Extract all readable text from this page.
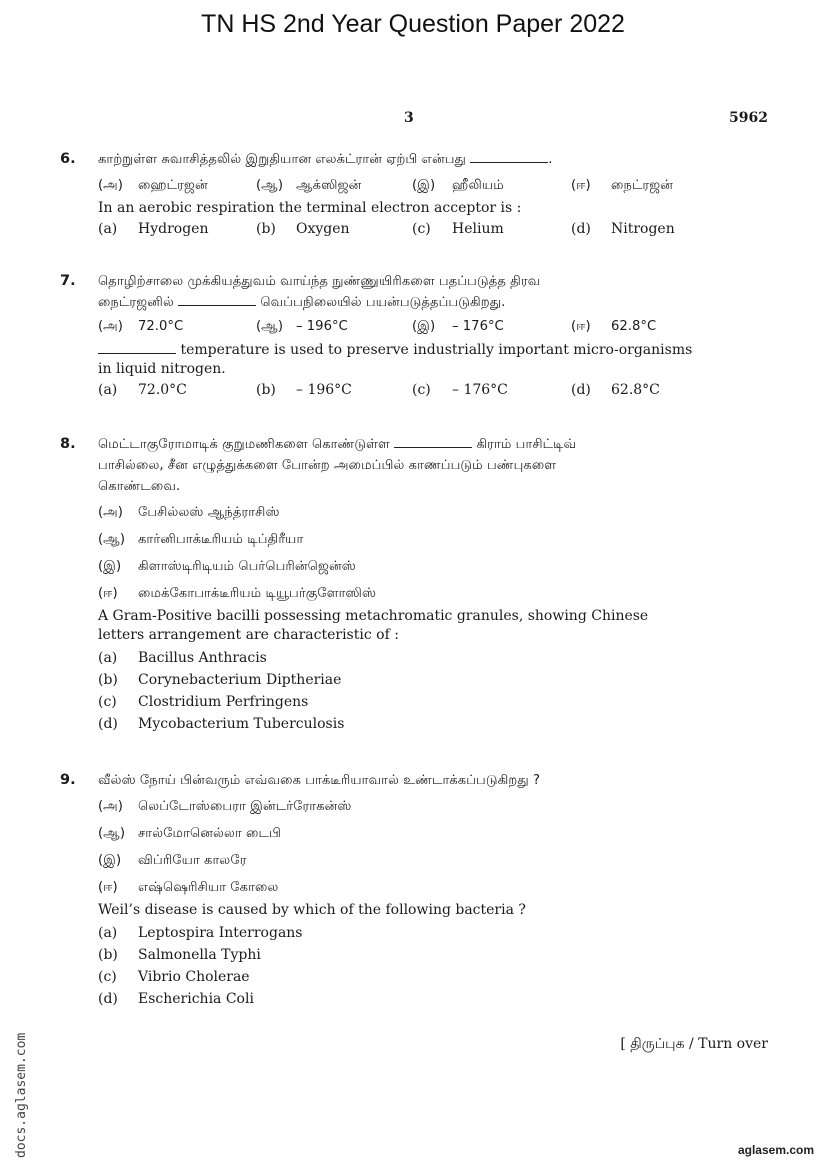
TN HS 2nd Year Question Paper 2022
3	5962
6. காற்றுள்ள சுவாசித்தலில் இறுதியான எலக்ட்ரான் ஏற்பி என்பது	.
(அ)	ஹைட்ரஜன்	(ஆ) ஆக்ஸிஜன்	(இ)	ஹீலியம்	(ஈ)	நைட்ரஜன்
In an aerobic respiration the terminal electron acceptor is :
(a)	Hydrogen	(b)	Oxygen	(c)	Helium	(d)	Nitrogen
7. தொழிற்சாலை முக்கியத்துவம் வாய்ந்த நுண்ணுயிரிகளை பதப்படுத்த திரவ
நைட்ரஜனில்	வெப்பநிலையில் பயன்படுத்தப்படுகிறது.
(அ)	72.0°C	(ஆ) – 196°C	(இ)	– 176°C	(ஈ)	62.8°C
temperature is used to preserve industrially important micro-organisms
in liquid nitrogen.
(a)	72.0°C	(b)	– 196°C	(c)	– 176°C	(d)	62.8°C
8. மெட்டாகுரோமாடிக் குறுமணிகளை கொண்டுள்ள	கிராம் பாசிட்டிவ்
பாசில்லை, சீன எழுத்துக்களை போன்ற அமைப்பில் காணப்படும் பண்புகளை
கொண்டவை.
(அ)	பேசில்லஸ் ஆந்த்ராசிஸ்
(ஆ) கார்னிபாக்டீரியம் டிப்திரீயா
(இ)	கிளாஸ்டிரிடியம் பெர்பெரின்ஜென்ஸ்
(ஈ)	மைக்கோபாக்டீரியம் டியூபர்குளோஸிஸ்
A Gram-Positive bacilli possessing metachromatic granules, showing Chinese
letters arrangement are characteristic of :
(a)	Bacillus Anthracis
(b)	Corynebacterium Diptheriae
(c)	Clostridium Perfringens
(d)	Mycobacterium Tuberculosis
9. வீல்ஸ் நோய் பின்வரும் எவ்வகை பாக்டீரியாவால் உண்டாக்கப்படுகிறது ?
(அ)	லெப்டோஸ்பைரா இன்டர்ரோகன்ஸ்
(ஆ) சால்மோனெல்லா டைபி
(இ)	விப்ரியோ காலரே
(ஈ)	எஷ்ஷெரிசியா கோலை
Weil’s disease is caused by which of the following bacteria ?
(a)	Leptospira Interrogans
(b)	Salmonella Typhi
(c)	Vibrio Cholerae
(d)	Escherichia Coli
[ திருப்புக / Turn over
docs.aglasem.com	aglasem.com
